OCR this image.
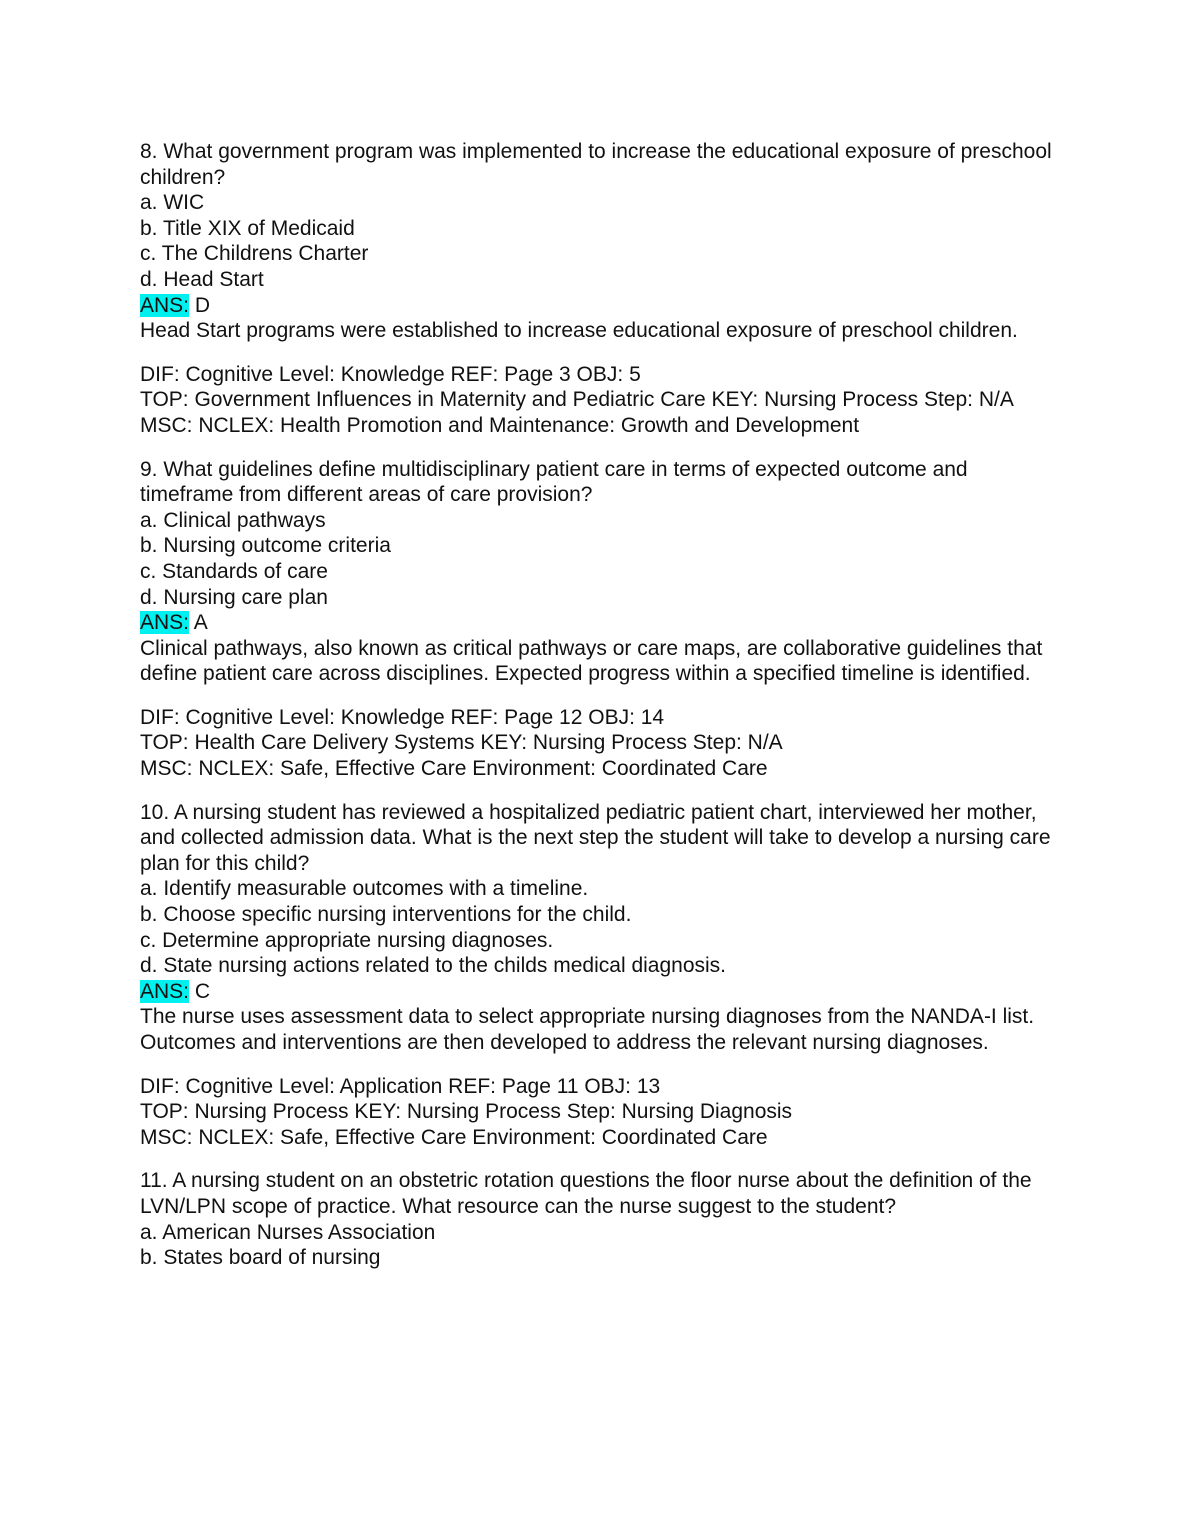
8. What government program was implemented to increase the educational exposure of preschool children?

a. WIC

b. Title XIX of Medicaid

c. The Childrens Charter

d. Head Start

ANS: D

Head Start programs were established to increase educational exposure of preschool children.

DIF: Cognitive Level: Knowledge REF: Page 3 OBJ: 5

TOP: Government Influences in Maternity and Pediatric Care KEY: Nursing Process Step: N/A

MSC: NCLEX: Health Promotion and Maintenance: Growth and Development

9. What guidelines define multidisciplinary patient care in terms of expected outcome and timeframe from different areas of care provision?

a. Clinical pathways

b. Nursing outcome criteria

c. Standards of care

d. Nursing care plan

ANS: A

Clinical pathways, also known as critical pathways or care maps, are collaborative guidelines that define patient care across disciplines. Expected progress within a specified timeline is identified.

DIF: Cognitive Level: Knowledge REF: Page 12 OBJ: 14

TOP: Health Care Delivery Systems KEY: Nursing Process Step: N/A

MSC: NCLEX: Safe, Effective Care Environment: Coordinated Care

10. A nursing student has reviewed a hospitalized pediatric patient chart, interviewed her mother, and collected admission data. What is the next step the student will take to develop a nursing care plan for this child?

a. Identify measurable outcomes with a timeline.

b. Choose specific nursing interventions for the child.

c. Determine appropriate nursing diagnoses.

d. State nursing actions related to the childs medical diagnosis.

ANS: C

The nurse uses assessment data to select appropriate nursing diagnoses from the NANDA-I list. Outcomes and interventions are then developed to address the relevant nursing diagnoses.

DIF: Cognitive Level: Application REF: Page 11 OBJ: 13

TOP: Nursing Process KEY: Nursing Process Step: Nursing Diagnosis

MSC: NCLEX: Safe, Effective Care Environment: Coordinated Care

11. A nursing student on an obstetric rotation questions the floor nurse about the definition of the LVN/LPN scope of practice. What resource can the nurse suggest to the student?

a. American Nurses Association

b. States board of nursing
